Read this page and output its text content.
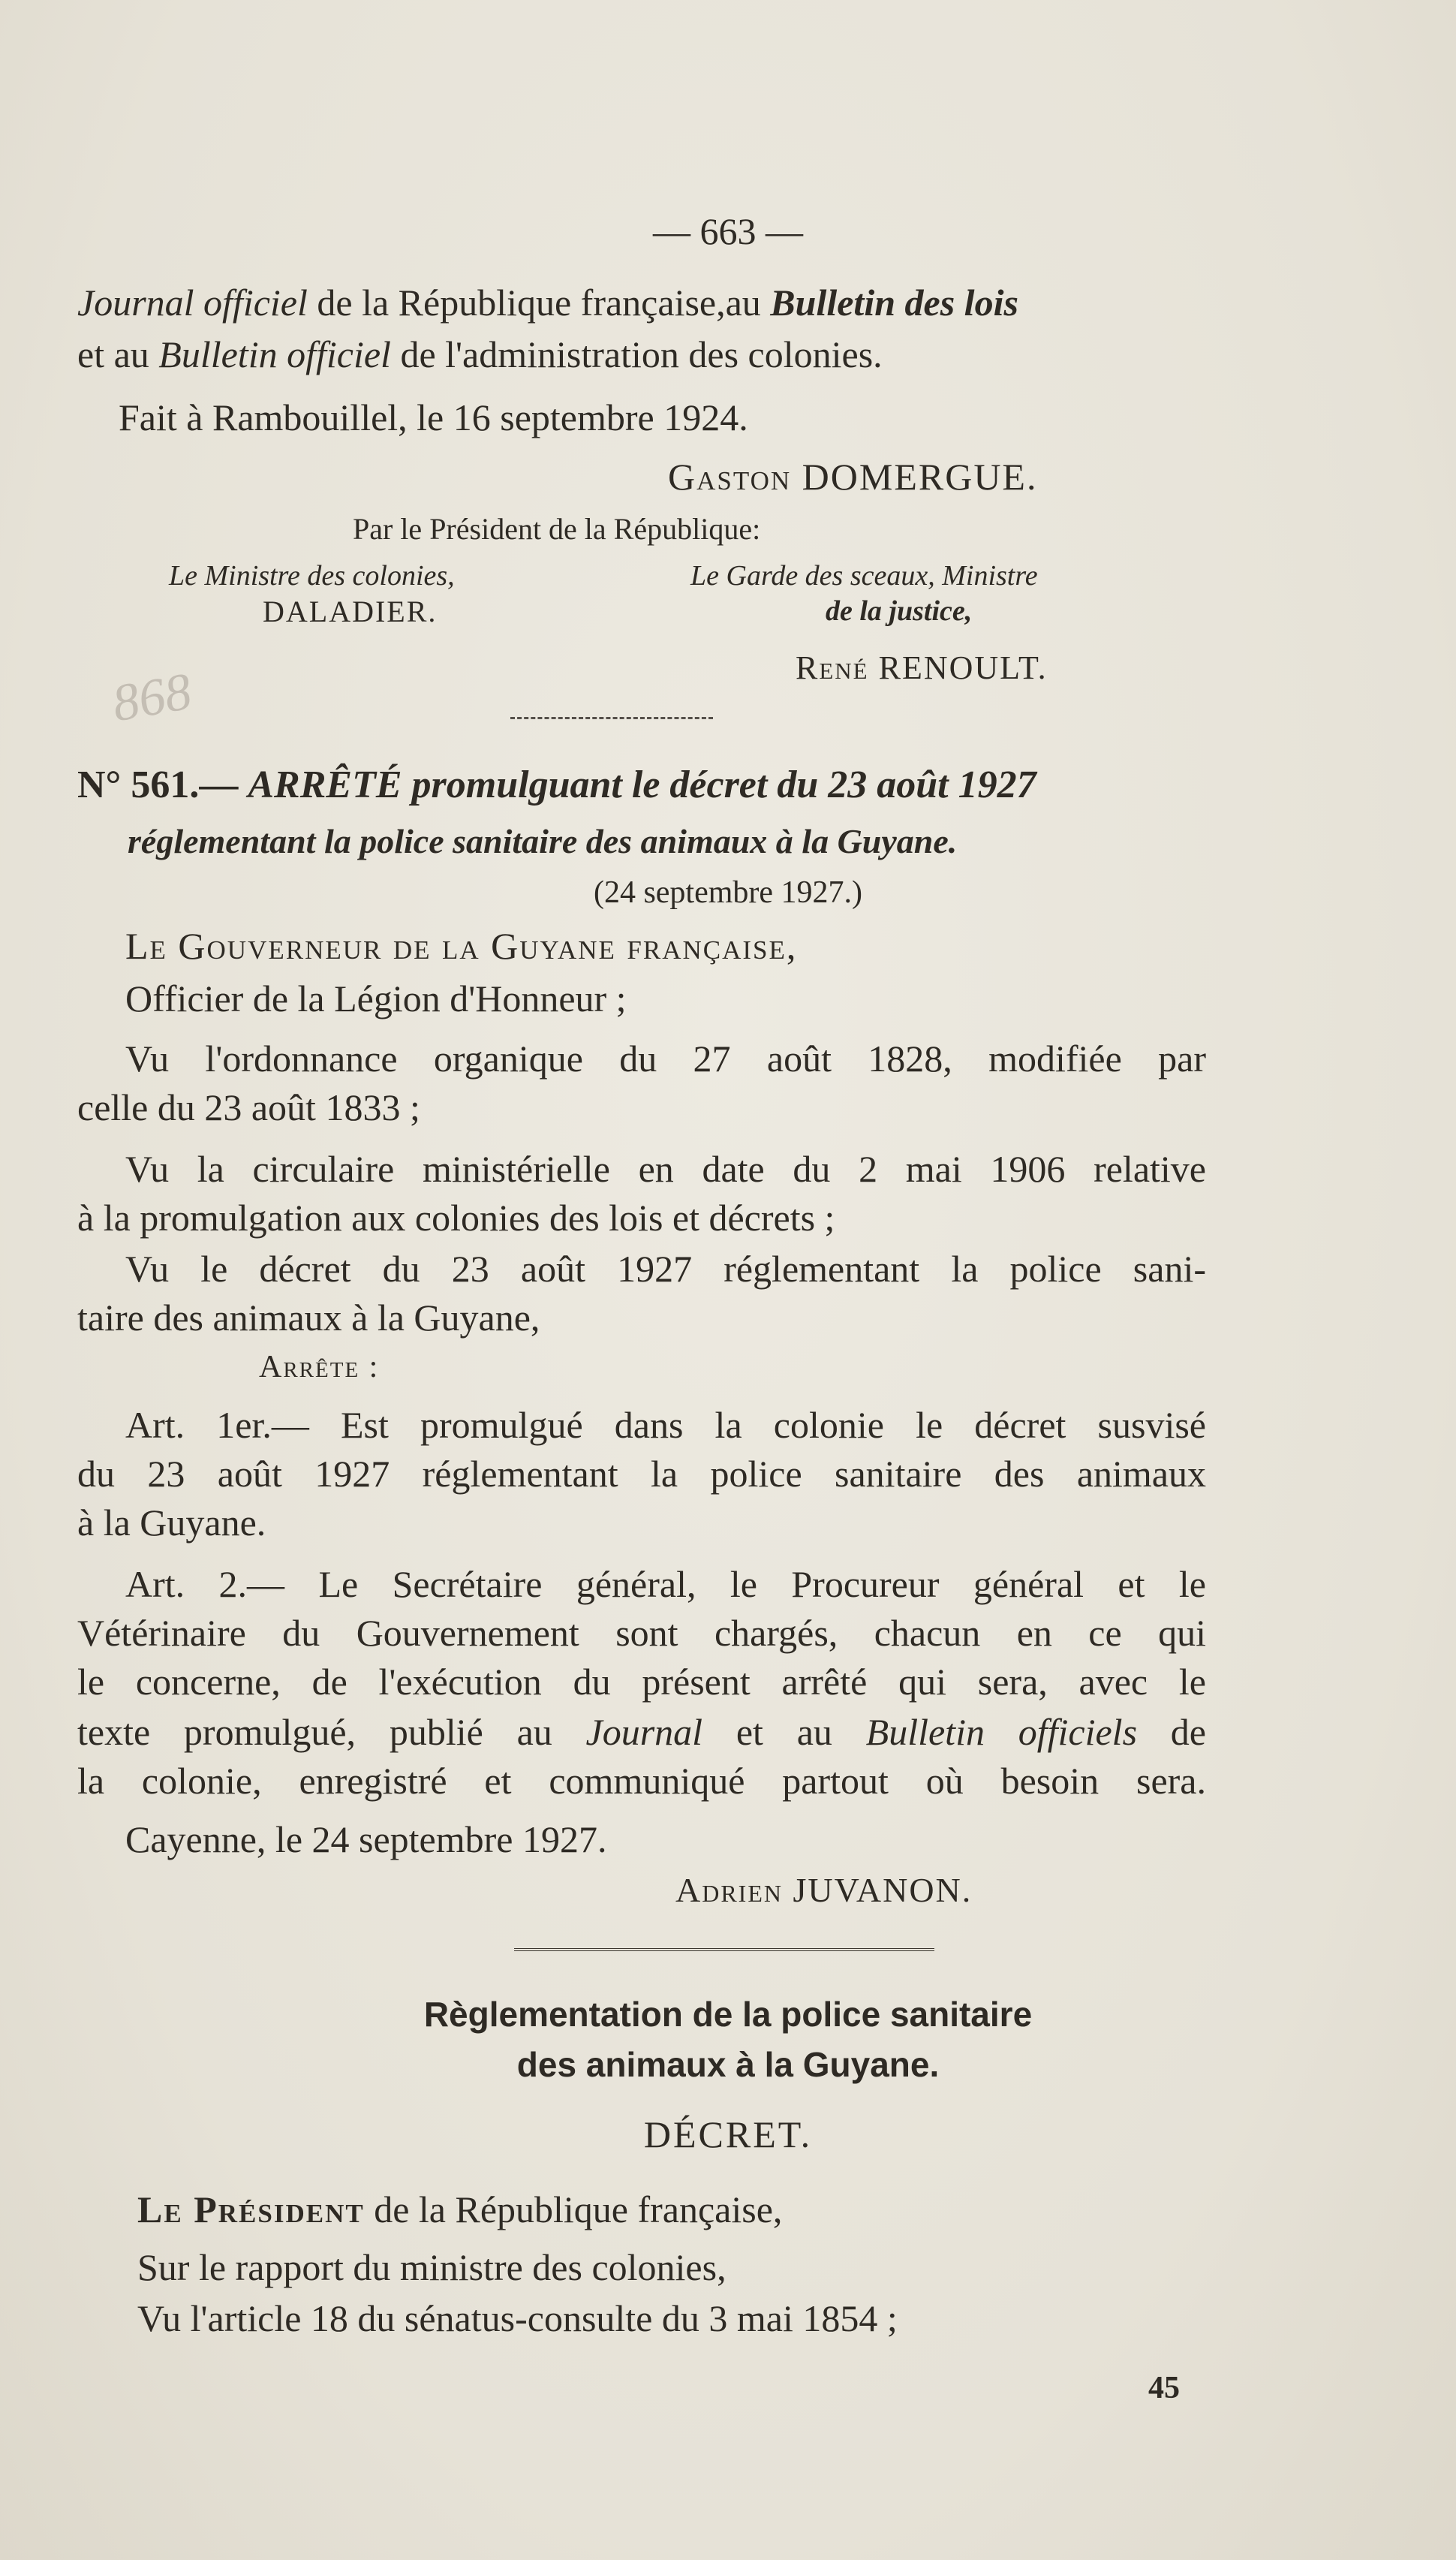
— 663 —
Journal officiel de la République française,au Bulletin des lois
et au Bulletin officiel de l'administration des colonies.
Fait à Rambouillel, le 16 septembre 1924.
Gaston DOMERGUE.
Par le Président de la République:
Le Ministre des colonies,
DALADIER.
Le Garde des sceaux, Ministre
de la justice,
René RENOULT.
868
N° 561.— ARRÊTÉ promulguant le décret du 23 août 1927
réglementant la police sanitaire des animaux à la Guyane.
(24 septembre 1927.)
Le Gouverneur de la Guyane française,
Officier de la Légion d'Honneur ;
Vu l'ordonnance organique du 27 août 1828, modifiée par
celle du 23 août 1833 ;
Vu la circulaire ministérielle en date du 2 mai 1906 relative
à la promulgation aux colonies des lois et décrets ;
Vu le décret du 23 août 1927 réglementant la police sani-
taire des animaux à la Guyane,
Arrête :
Art. 1er.— Est promulgué dans la colonie le décret susvisé
du 23 août 1927 réglementant la police sanitaire des animaux
à la Guyane.
Art. 2.— Le Secrétaire général, le Procureur général et le
Vétérinaire du Gouvernement sont chargés, chacun en ce qui
le concerne, de l'exécution du présent arrêté qui sera, avec le
texte promulgué, publié au Journal et au Bulletin officiels de
la colonie, enregistré et communiqué partout où besoin sera.
Cayenne, le 24 septembre 1927.
Adrien JUVANON.
Règlementation de la police sanitaire
des animaux à la Guyane.
DÉCRET.
Le Président de la République française,
Sur le rapport du ministre des colonies,
Vu l'article 18 du sénatus-consulte du 3 mai 1854 ;
45
